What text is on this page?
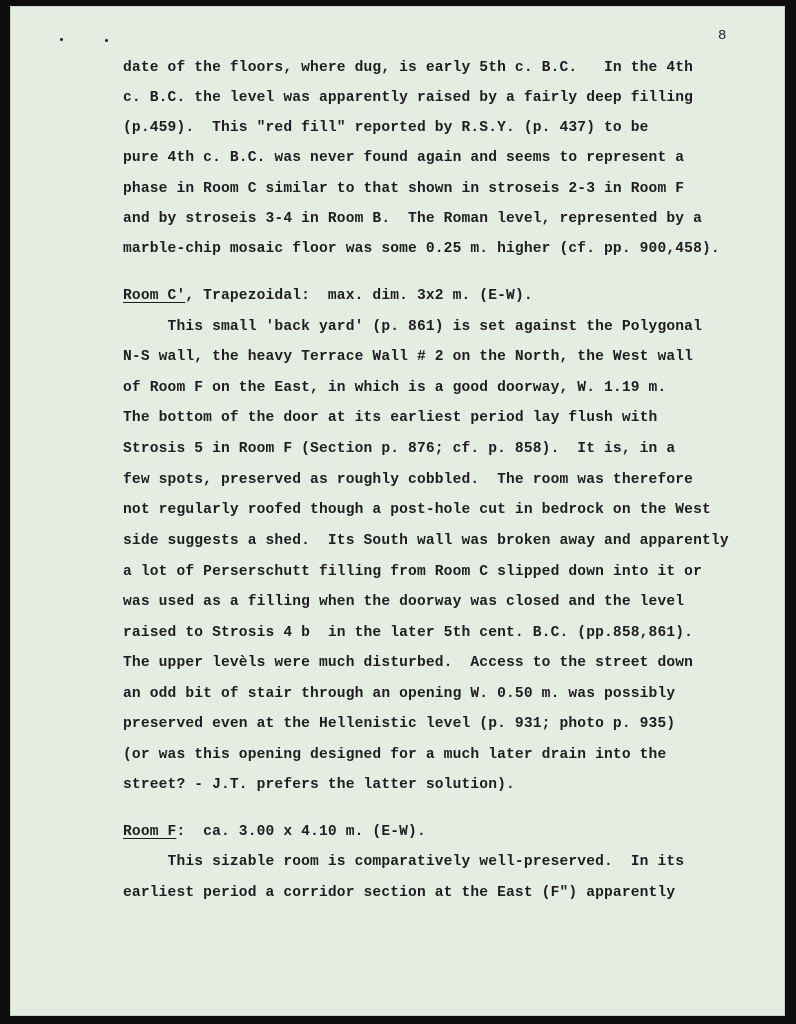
8
date of the floors, where dug, is early 5th c. B.C.   In the 4th
c. B.C. the level was apparently raised by a fairly deep filling
(p.459).  This "red fill" reported by R.S.Y. (p. 437) to be
pure 4th c. B.C. was never found again and seems to represent a
phase in Room C similar to that shown in stroseis 2-3 in Room F
and by stroseis 3-4 in Room B.  The Roman level, represented by a
marble-chip mosaic floor was some 0.25 m. higher (cf. pp. 900,458).
Room C', Trapezoidal:  max. dim. 3x2 m. (E-W).
This small 'back yard' (p. 861) is set against the Polygonal
N-S wall, the heavy Terrace Wall # 2 on the North, the West wall
of Room F on the East, in which is a good doorway, W. 1.19 m.
The bottom of the door at its earliest period lay flush with
Strosis 5 in Room F (Section p. 876; cf. p. 858).  It is, in a
few spots, preserved as roughly cobbled.  The room was therefore
not regularly roofed though a post-hole cut in bedrock on the West
side suggests a shed.  Its South wall was broken away and apparently
a lot of Perserschutt filling from Room C slipped down into it or
was used as a filling when the doorway was closed and the level
raised to Strosis 4 b  in the later 5th cent. B.C. (pp.858,861).
The upper levèls were much disturbed.  Access to the street down
an odd bit of stair through an opening W. 0.50 m. was possibly
preserved even at the Hellenistic level (p. 931; photo p. 935)
(or was this opening designed for a much later drain into the
street? - J.T. prefers the latter solution).
Room F:  ca. 3.00 x 4.10 m. (E-W).
This sizable room is comparatively well-preserved.  In its
earliest period a corridor section at the East (F") apparently
